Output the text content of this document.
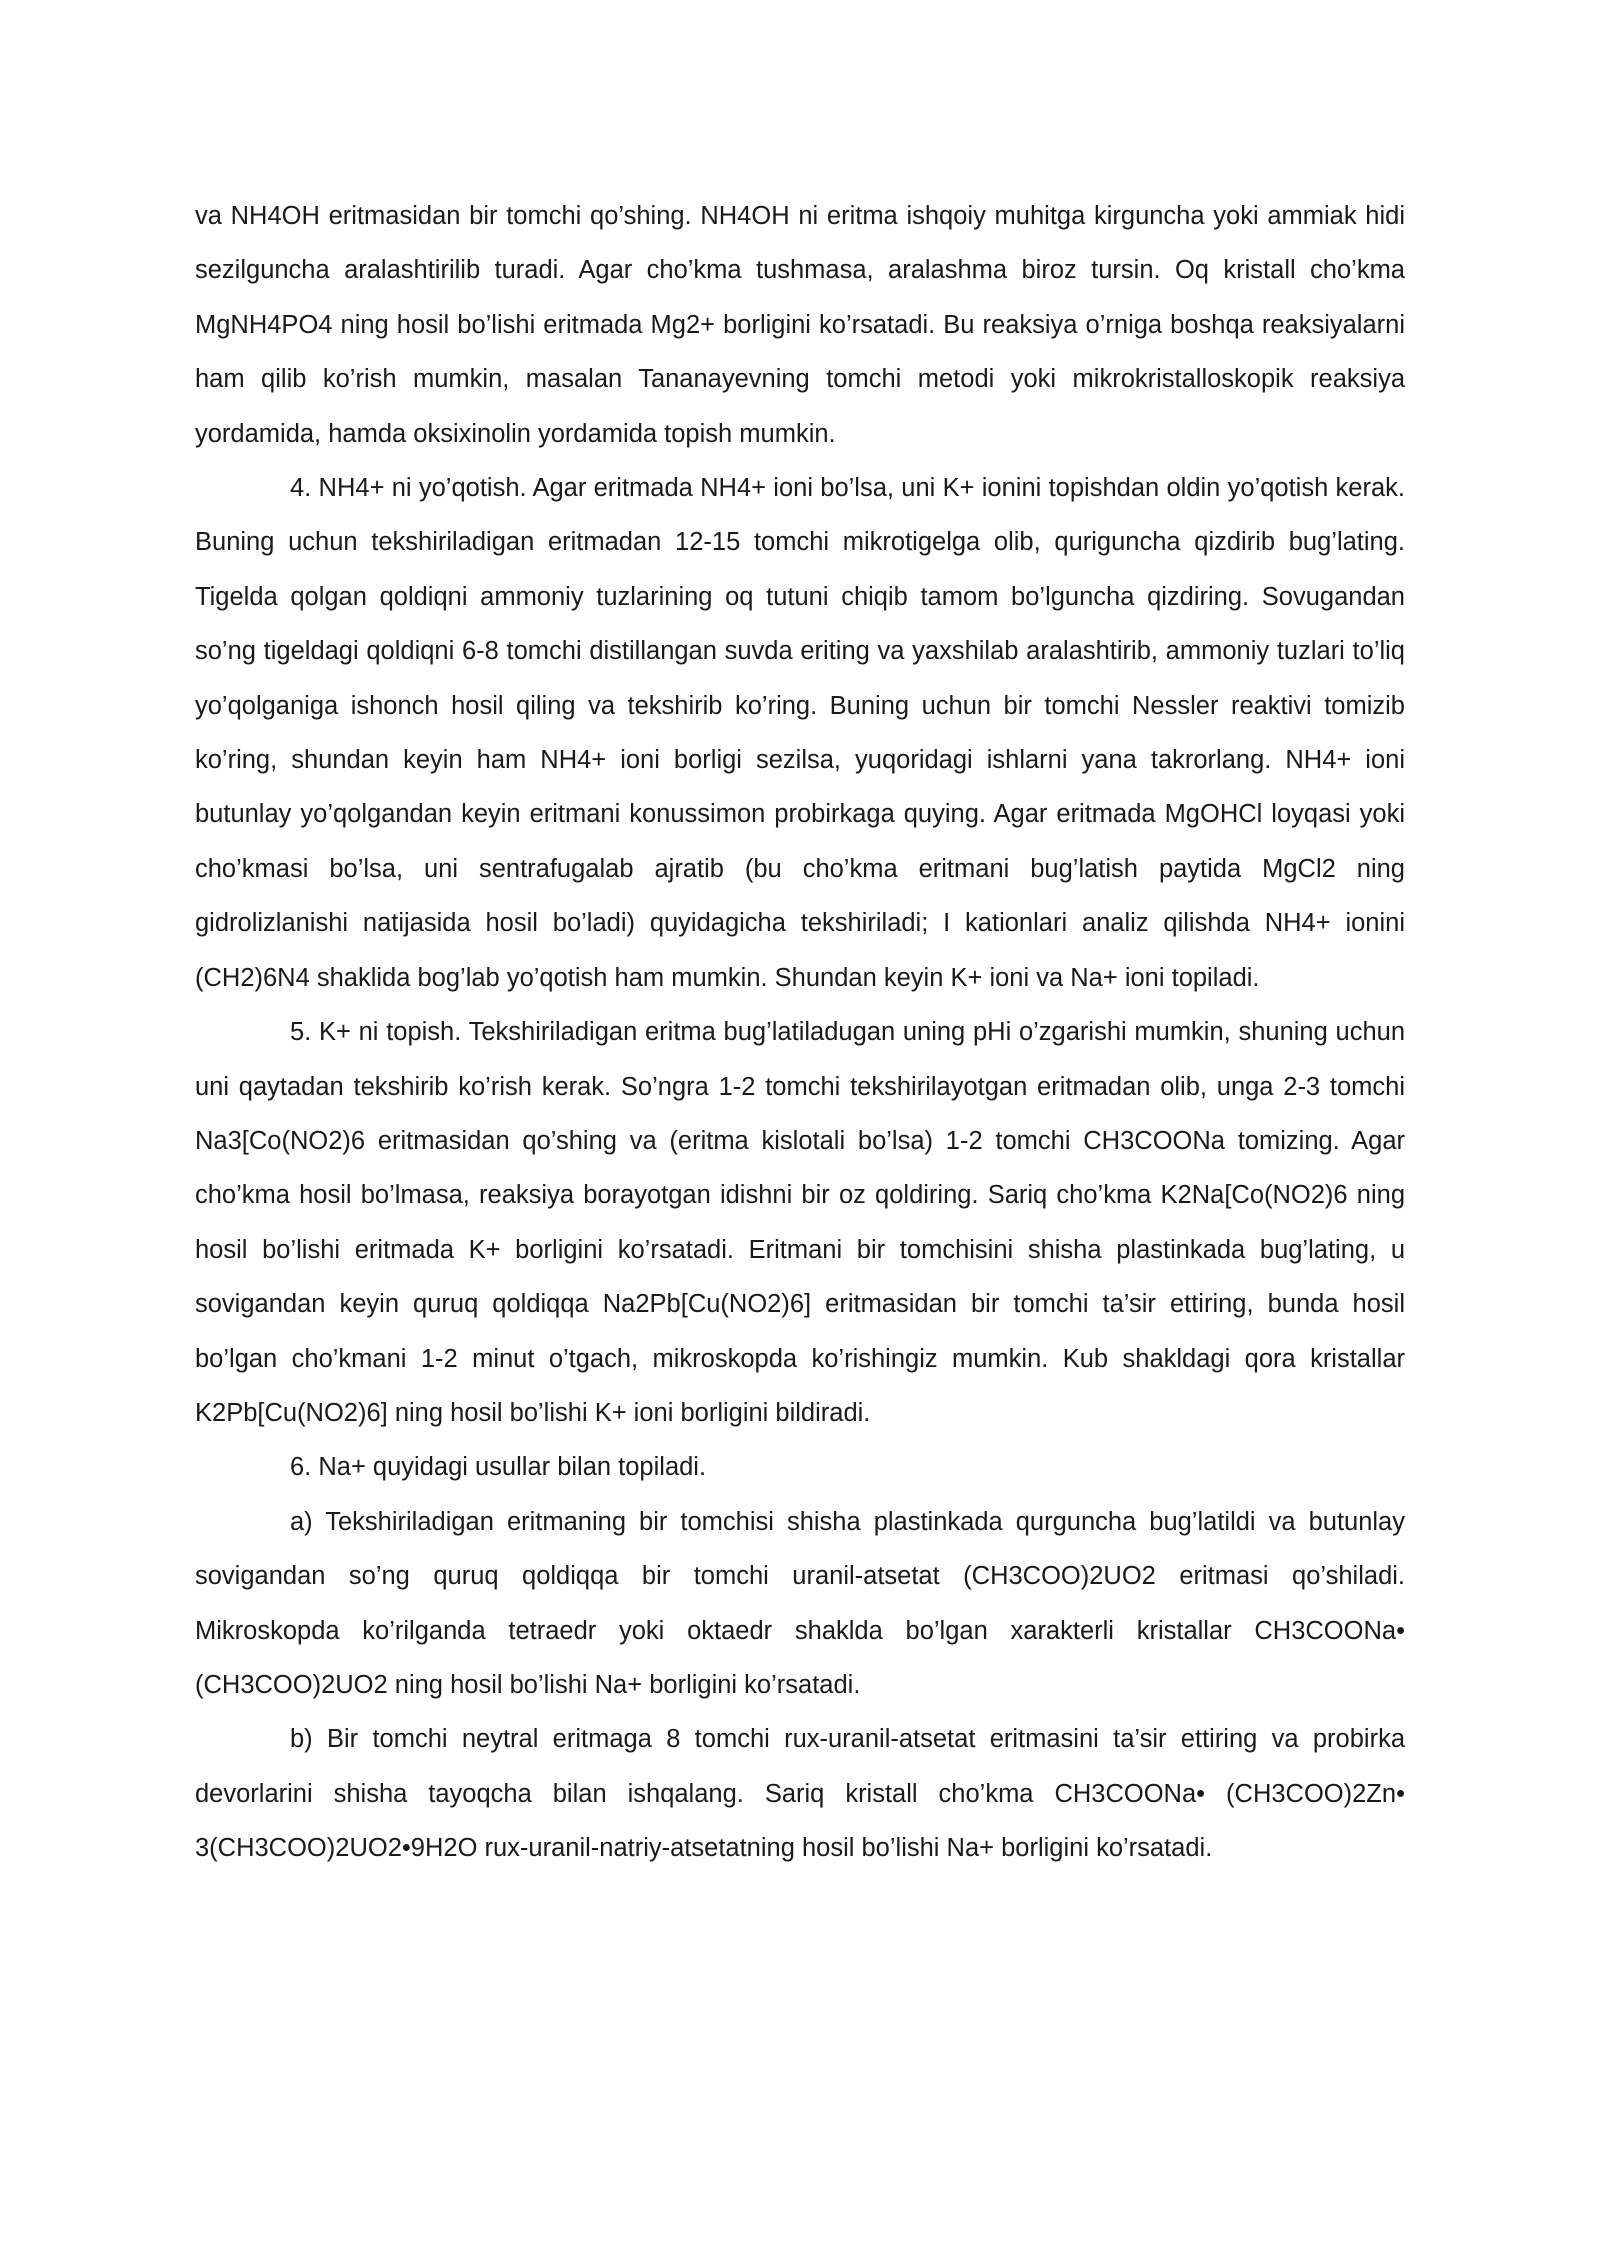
va NH4OH eritmasidan bir tomchi qo’shing. NH4OH ni eritma ishqoiy muhitga kirguncha yoki ammiak hidi sezilguncha aralashtirilib turadi. Agar cho’kma tushmasa, aralashma biroz tursin. Oq kristall cho’kma MgNH4PO4 ning hosil bo’lishi eritmada Mg2+ borligini ko’rsatadi. Bu reaksiya o’rniga boshqa reaksiyalarni ham qilib ko’rish mumkin, masalan Tananayevning tomchi metodi yoki mikrokristalloskopik reaksiya yordamida, hamda oksixinolin yordamida topish mumkin.

4. NH4+ ni yo’qotish. Agar eritmada NH4+ ioni bo’lsa, uni K+ ionini topishdan oldin yo’qotish kerak. Buning uchun tekshiriladigan eritmadan 12-15 tomchi mikrotigelga olib, quriguncha qizdirib bug’lating. Tigelda qolgan qoldiqni ammoniy tuzlarining oq tutuni chiqib tamom bo’lguncha qizdiring. Sovugandan so’ng tigeldagi qoldiqni 6-8 tomchi distillangan suvda eriting va yaxshilab aralashtirib, ammoniy tuzlari to’liq yo’qolganiga ishonch hosil qiling va tekshirib ko’ring. Buning uchun bir tomchi Nessler reaktivi tomizib ko’ring, shundan keyin ham NH4+ ioni borligi sezilsa, yuqoridagi ishlarni yana takrorlang. NH4+ ioni butunlay yo’qolgandan keyin eritmani konussimon probirkaga quying. Agar eritmada MgOHCl loyqasi yoki cho’kmasi bo’lsa, uni sentrafugalab ajratib (bu cho’kma eritmani bug’latish paytida MgCl2 ning gidrolizlanishi natijasida hosil bo’ladi) quyidagicha tekshiriladi; I kationlari analiz qilishda NH4+ ionini (CH2)6N4 shaklida bog’lab yo’qotish ham mumkin. Shundan keyin K+ ioni va Na+ ioni topiladi.

5. K+ ni topish. Tekshiriladigan eritma bug’latiladugan uning pHi o’zgarishi mumkin, shuning uchun uni qaytadan tekshirib ko’rish kerak. So’ngra 1-2 tomchi tekshirilayotgan eritmadan olib, unga 2-3 tomchi Na3[Co(NO2)6 eritmasidan qo’shing va (eritma kislotali bo’lsa) 1-2 tomchi CH3COONa tomizing. Agar cho’kma hosil bo’lmasa, reaksiya borayotgan idishni bir oz qoldiring. Sariq cho’kma K2Na[Co(NO2)6 ning hosil bo’lishi eritmada K+ borligini ko’rsatadi. Eritmani bir tomchisini shisha plastinkada bug’lating, u sovigandan keyin quruq qoldiqqa Na2Pb[Cu(NO2)6] eritmasidan bir tomchi ta’sir ettiring, bunda hosil bo’lgan cho’kmani 1-2 minut o’tgach, mikroskopda ko’rishingiz mumkin. Kub shakldagi qora kristallar K2Pb[Cu(NO2)6] ning hosil bo’lishi K+ ioni borligini bildiradi.

6. Na+ quyidagi usullar bilan topiladi.

a) Tekshiriladigan eritmaning bir tomchisi shisha plastinkada qurguncha bug’latildi va butunlay sovigandan so’ng quruq qoldiqqa bir tomchi uranil-atsetat (CH3COO)2UO2 eritmasi qo’shiladi. Mikroskopda ko’rilganda tetraedr yoki oktaedr shaklda bo’lgan xarakterli kristallar CH3COONa• (CH3COO)2UO2 ning hosil bo’lishi Na+ borligini ko’rsatadi.

b) Bir tomchi neytral eritmaga 8 tomchi rux-uranil-atsetat eritmasini ta’sir ettiring va probirka devorlarini shisha tayoqcha bilan ishqalang. Sariq kristall cho’kma CH3COONa• (CH3COO)2Zn• 3(CH3COO)2UO2•9H2O rux-uranil-natriy-atsetatning hosil bo’lishi Na+ borligini ko’rsatadi.
